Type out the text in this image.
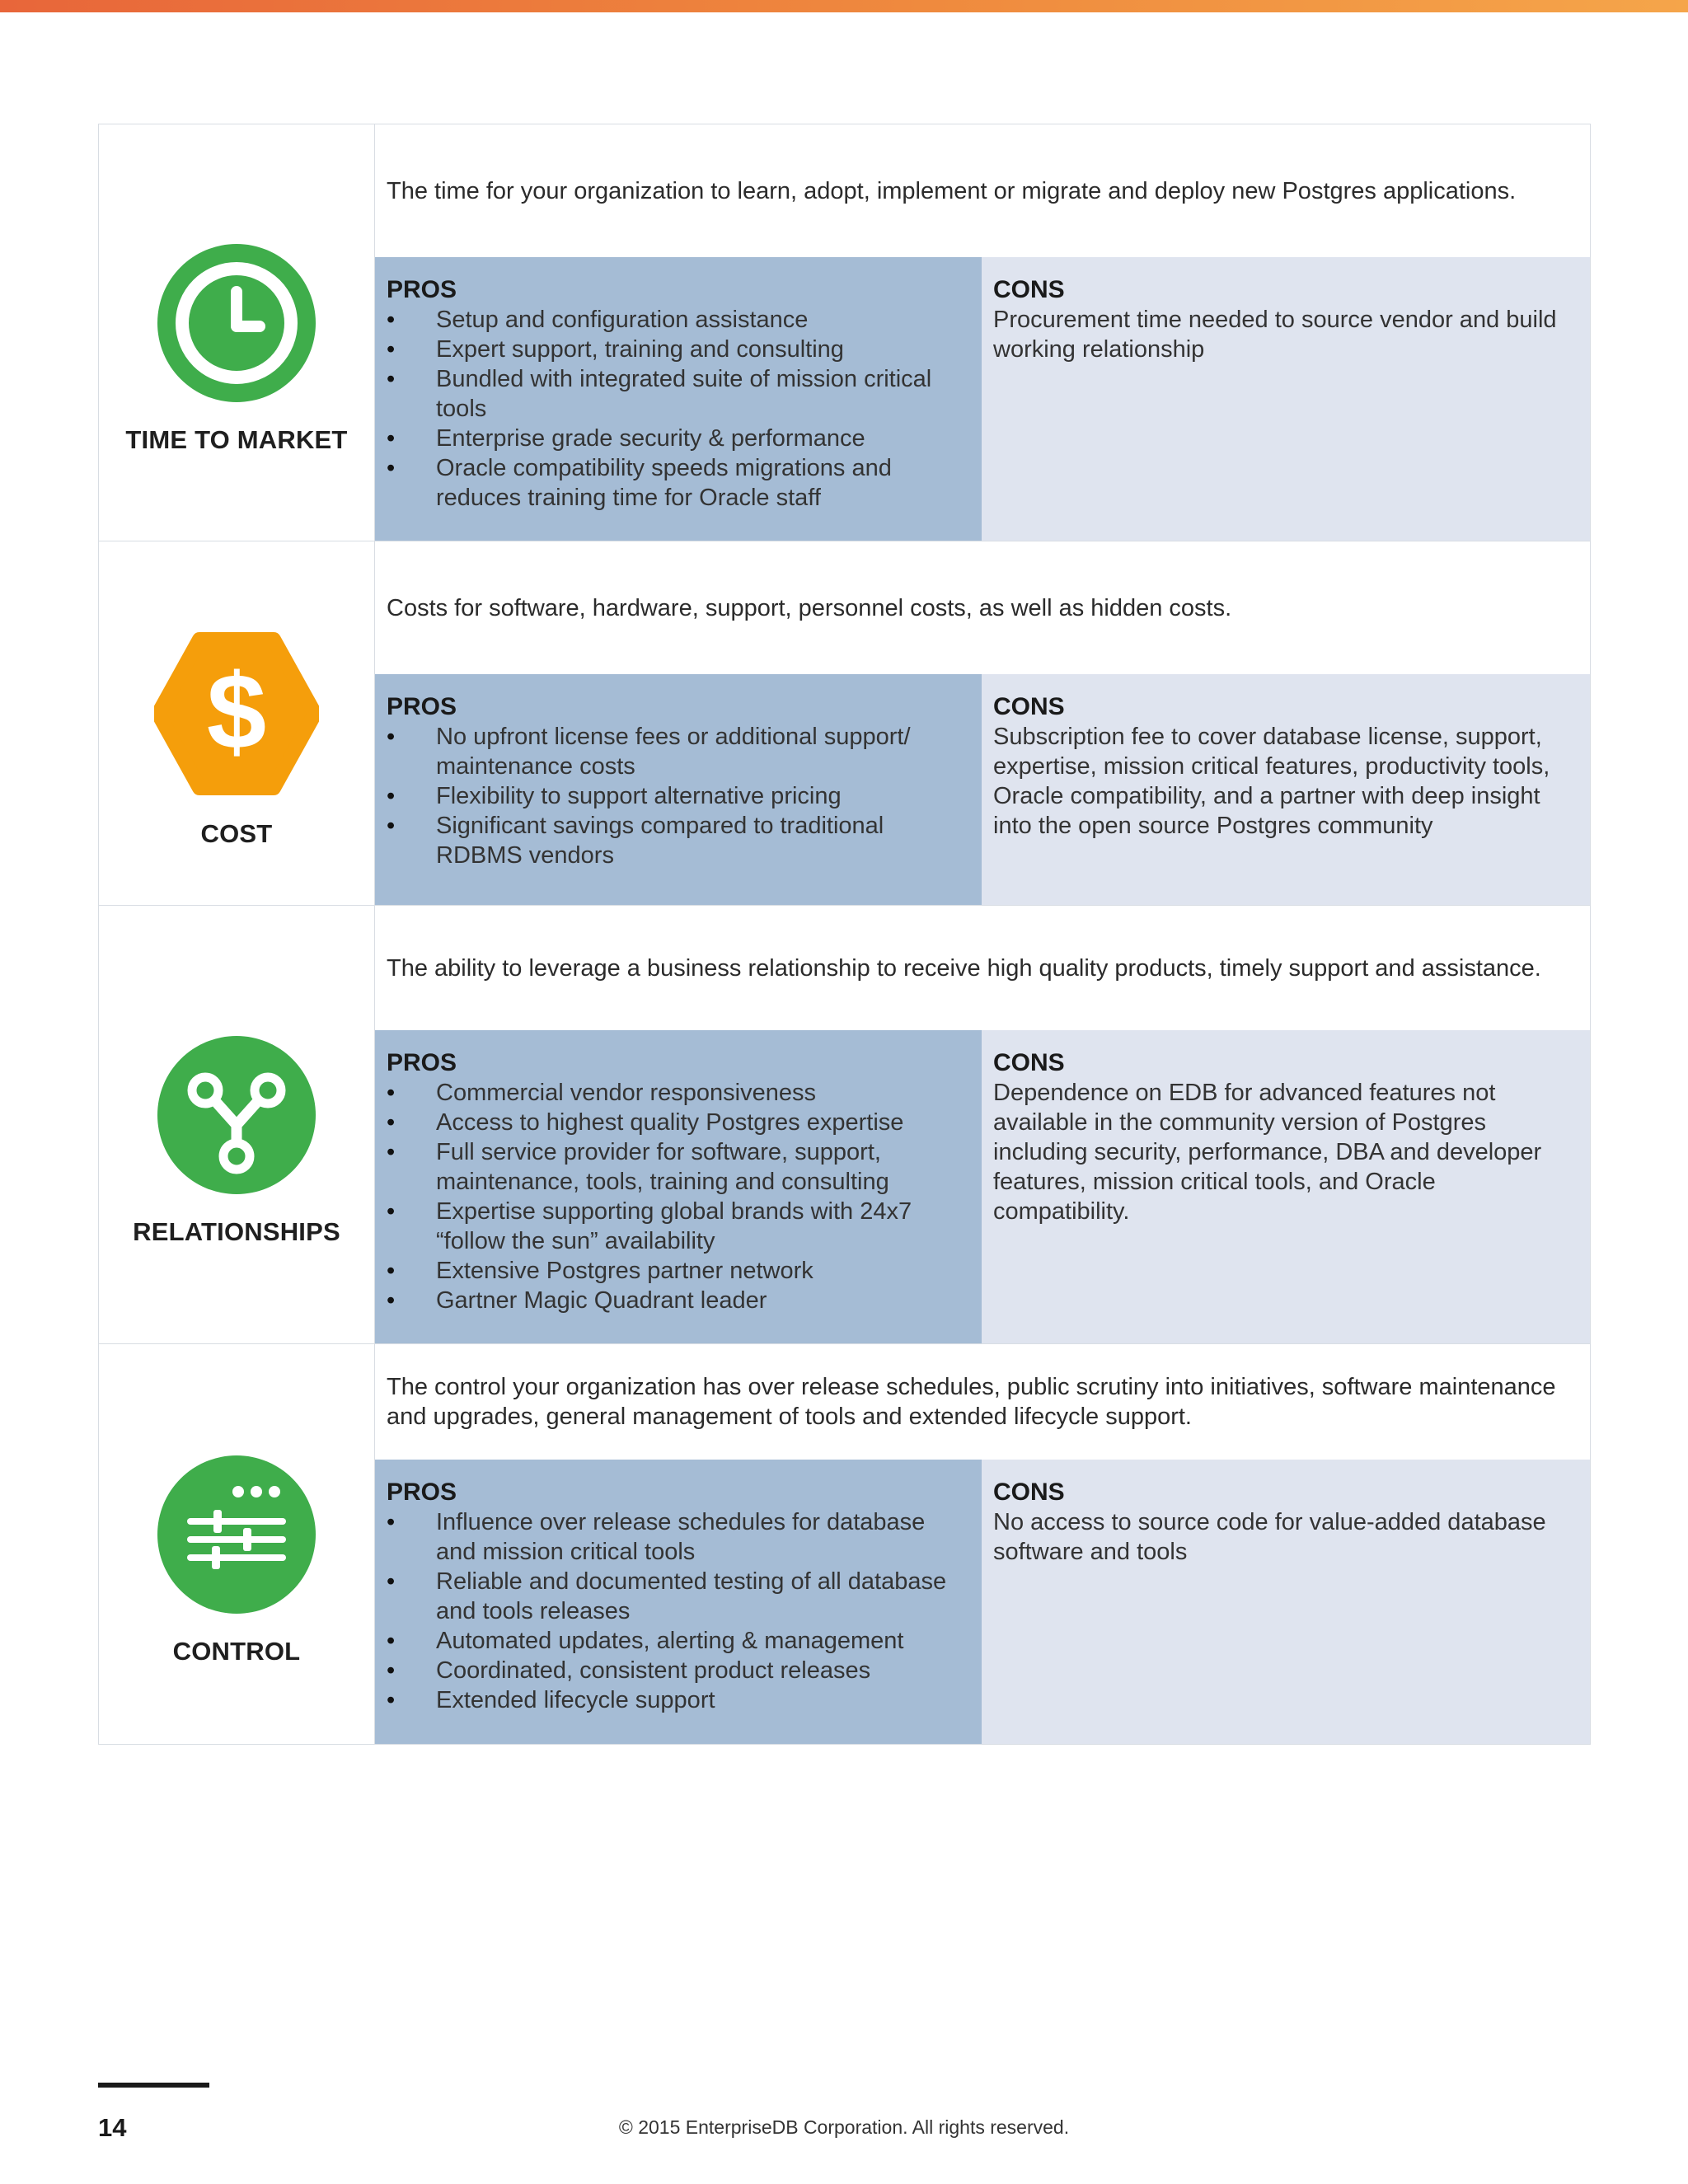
TIME TO MARKET
The time for your organization to learn, adopt, implement or migrate and deploy new Postgres applications.
PROS
• Setup and configuration assistance
• Expert support, training and consulting
• Bundled with integrated suite of mission critical tools
• Enterprise grade security & performance
• Oracle compatibility speeds migrations and reduces training time for Oracle staff
CONS
Procurement time needed to source vendor and build working relationship
$
COST
Costs for software, hardware, support, personnel costs, as well as hidden costs.
PROS
• No upfront license fees or additional support/ maintenance costs
• Flexibility to support alternative pricing
• Significant savings compared to traditional RDBMS vendors
CONS
Subscription fee to cover database license, support, expertise, mission critical features, productivity tools, Oracle compatibility, and a partner with deep insight into the open source Postgres community
RELATIONSHIPS
The ability to leverage a business relationship to receive high quality products, timely support and assistance.
PROS
• Commercial vendor responsiveness
• Access to highest quality Postgres expertise
• Full service provider for software, support, maintenance, tools, training and consulting
• Expertise supporting global brands with 24x7 “follow the sun” availability
• Extensive Postgres partner network
• Gartner Magic Quadrant leader
CONS
Dependence on EDB for advanced features not available in the community version of Postgres including security, performance, DBA and developer features, mission critical tools, and Oracle compatibility.
CONTROL
The control your organization has over release schedules, public scrutiny into initiatives, software maintenance and upgrades, general management of tools and extended lifecycle support.
PROS
• Influence over release schedules for database and mission critical tools
• Reliable and documented testing of all database and tools releases
• Automated updates, alerting & management
• Coordinated, consistent product releases
• Extended lifecycle support
CONS
No access to source code for value-added database software and tools
14	© 2015 EnterpriseDB Corporation. All rights reserved.
